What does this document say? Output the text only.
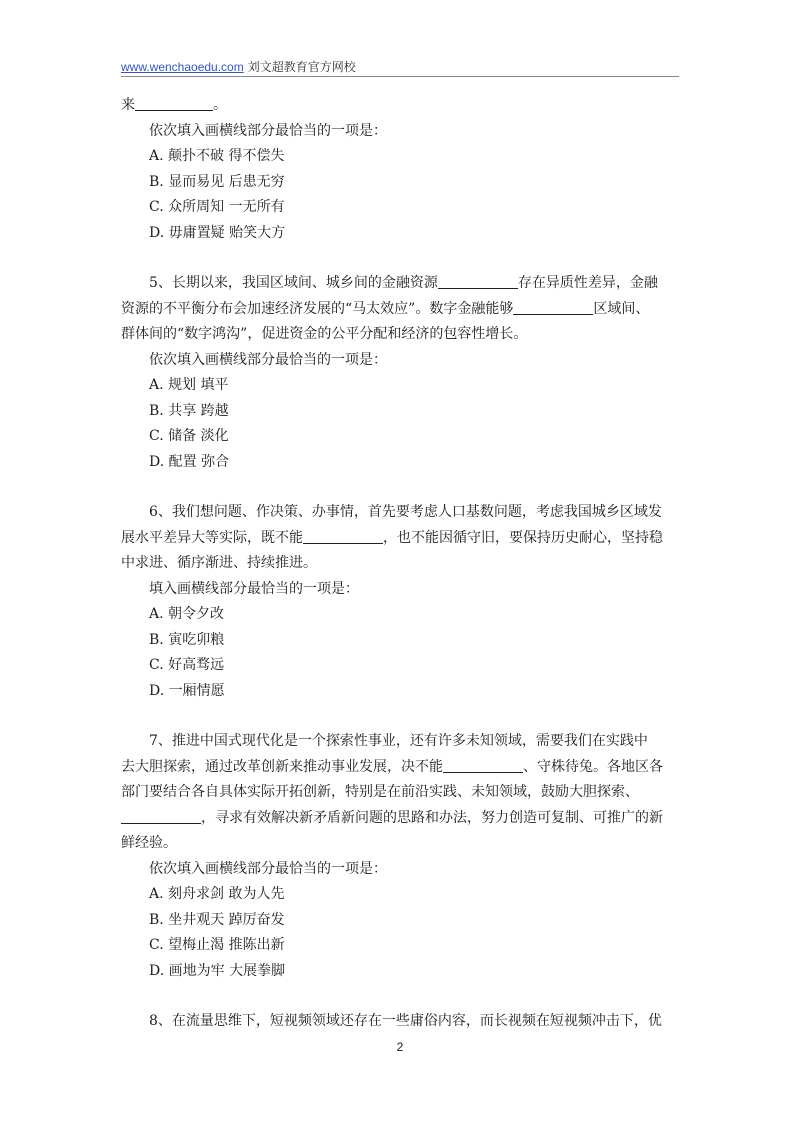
www.wenchaoedu.com 刘文超教育官方网校
来	。
依次填入画横线部分最恰当的一项是：
A. 颠扑不破 得不偿失
B. 显而易见 后患无穷
C. 众所周知 一无所有
D. 毋庸置疑 贻笑大方
5、长期以来，我国区域间、城乡间的金融资源	存在异质性差异，金融
资源的不平衡分布会加速经济发展的“马太效应”。数字金融能够	区域间、
群体间的“数字鸿沟”，促进资金的公平分配和经济的包容性增长。
依次填入画横线部分最恰当的一项是：
A. 规划 填平
B. 共享 跨越
C. 储备 淡化
D. 配置 弥合
6、我们想问题、作决策、办事情，首先要考虑人口基数问题，考虑我国城乡区域发
展水平差异大等实际，既不能	，也不能因循守旧，要保持历史耐心，坚持稳
中求进、循序渐进、持续推进。
填入画横线部分最恰当的一项是：
A. 朝令夕改
B. 寅吃卯粮
C. 好高骛远
D. 一厢情愿
7、推进中国式现代化是一个探索性事业，还有许多未知领域，需要我们在实践中
去大胆探索，通过改革创新来推动事业发展，决不能	、守株待兔。各地区各
部门要结合各自具体实际开拓创新，特别是在前沿实践、未知领域，鼓励大胆探索、
，寻求有效解决新矛盾新问题的思路和办法，努力创造可复制、可推广的新
鲜经验。
依次填入画横线部分最恰当的一项是：
A. 刻舟求剑 敢为人先
B. 坐井观天 踔厉奋发
C. 望梅止渴 推陈出新
D. 画地为牢 大展拳脚
8、在流量思维下，短视频领域还存在一些庸俗内容，而长视频在短视频冲击下，优
2
